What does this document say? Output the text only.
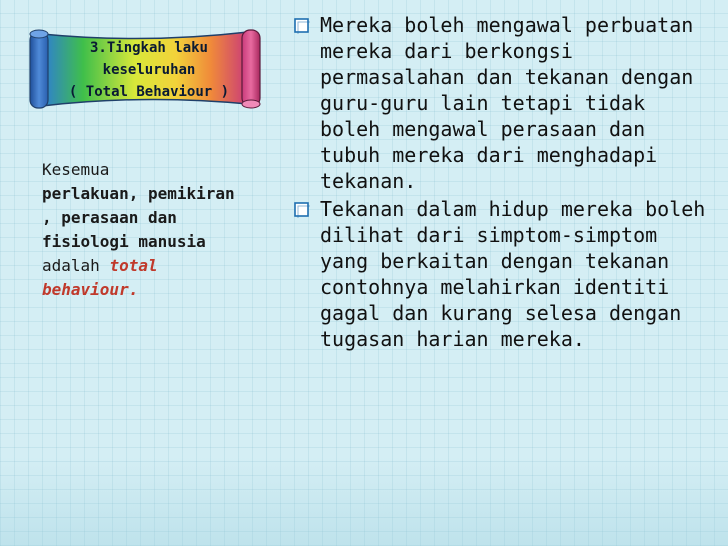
3.Tingkah laku
keseluruhan
( Total Behaviour )
Kesemua
perlakuan, pemikiran
, perasaan dan
fisiologi manusia
adalah total
behaviour.
Mereka boleh mengawal perbuatan mereka dari berkongsi permasalahan dan tekanan dengan guru-guru lain tetapi tidak boleh mengawal perasaan dan tubuh mereka dari menghadapi tekanan.
Tekanan dalam hidup mereka boleh dilihat dari simptom-simptom yang berkaitan dengan tekanan contohnya melahirkan identiti gagal dan kurang selesa dengan tugasan harian mereka.
